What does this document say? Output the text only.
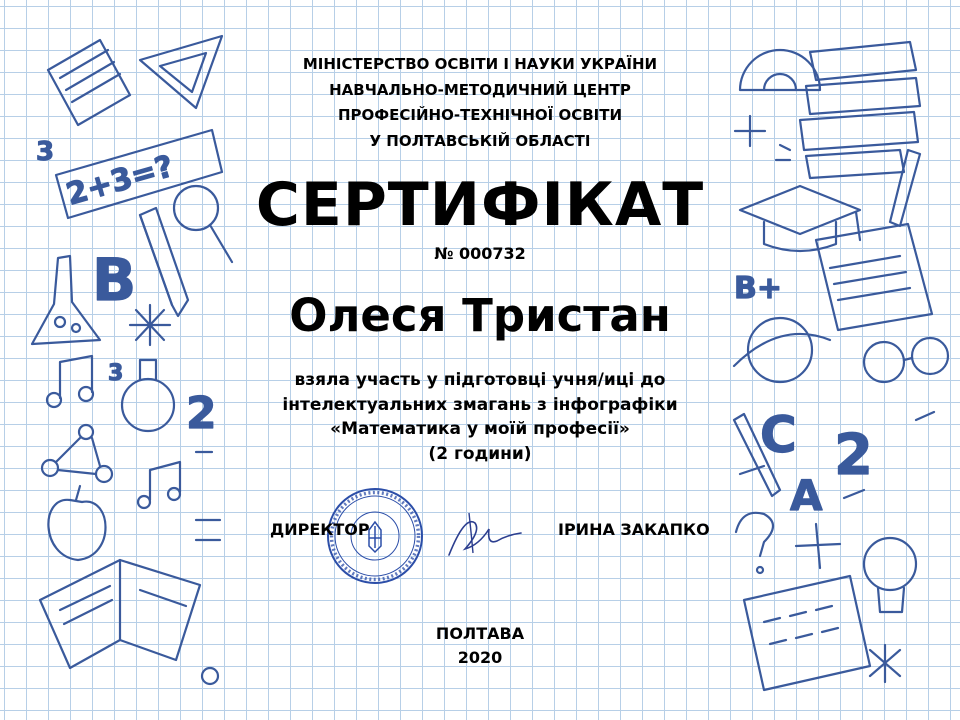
2+3=?
3
B
3
2
B+
C 2
A
МІНІСТЕРСТВО ОСВІТИ І НАУКИ УКРАЇНИ
НАВЧАЛЬНО-МЕТОДИЧНИЙ ЦЕНТР
ПРОФЕСІЙНО-ТЕХНІЧНОЇ ОСВІТИ
У ПОЛТАВСЬКІЙ ОБЛАСТІ
СЕРТИФІКАТ
№ 000732
Олеся Тристан
взяла участь у підготовці учня/иці до
інтелектуальних змагань з інфографіки
«Математика у моїй професії»
(2 години)
ДИРЕКТОР	ІРИНА ЗАКАПКО
ПОЛТАВА
2020
